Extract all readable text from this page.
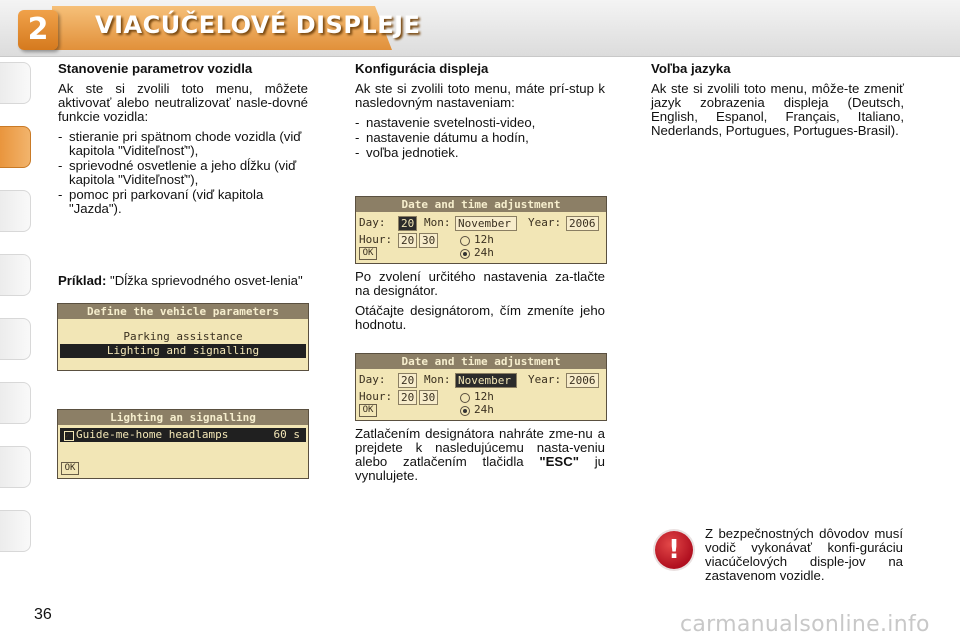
2	VIACÚČELOVÉ DISPLEJE

Stanovenie parametrov vozidla

Ak ste si zvolili toto menu, môžete aktivovať alebo neutralizovať nasle-dovné funkcie vozidla:

- stieranie pri spätnom chode vozidla (viď kapitola "Viditeľnosť"),
- sprievodné osvetlenie a jeho dĺžku (viď kapitola "Viditeľnosť"),
- pomoc pri parkovaní (viď kapitola "Jazda").

Príklad: "Dĺžka sprievodného osvet-lenia"

Define the vehicle parameters
Parking assistance
Lighting and signalling
Lighting an signalling
Guide-me-home headlamps	60 s
✓
OK

Konfigurácia displeja

Ak ste si zvolili toto menu, máte prí-stup k nasledovným nastaveniam:

- nastavenie svetelnosti-video,
- nastavenie dátumu a hodín,
- voľba jednotiek.
Date and time adjustment
Day: 20 Mon: November	Year: 2006
Hour: 20 30	12h
24h
OK

Po zvolení určitého nastavenia za-tlačte na designátor.

Otáčajte designátorom, čím zmeníte jeho hodnotu.

Date and time adjustment
Day: 20 Mon: November	Year: 2006
Hour: 20 30	12h
24h
OK

Zatlačením designátora nahráte zme-nu a prejdete k nasledujúcemu nasta-veniu alebo zatlačením tlačidla "ESC" ju vynulujete.

Voľba jazyka

Ak ste si zvolili toto menu, môže-te zmeniť jazyk zobrazenia displeja (Deutsch, English, Espanol, Français, Italiano, Nederlands, Portugues, Portugues-Brasil).

!
Z bezpečnostných dôvodov musí vodič vykonávať konfi-guráciu viacúčelových disple-jov na zastavenom vozidle.
36	carmanualsonline.info
